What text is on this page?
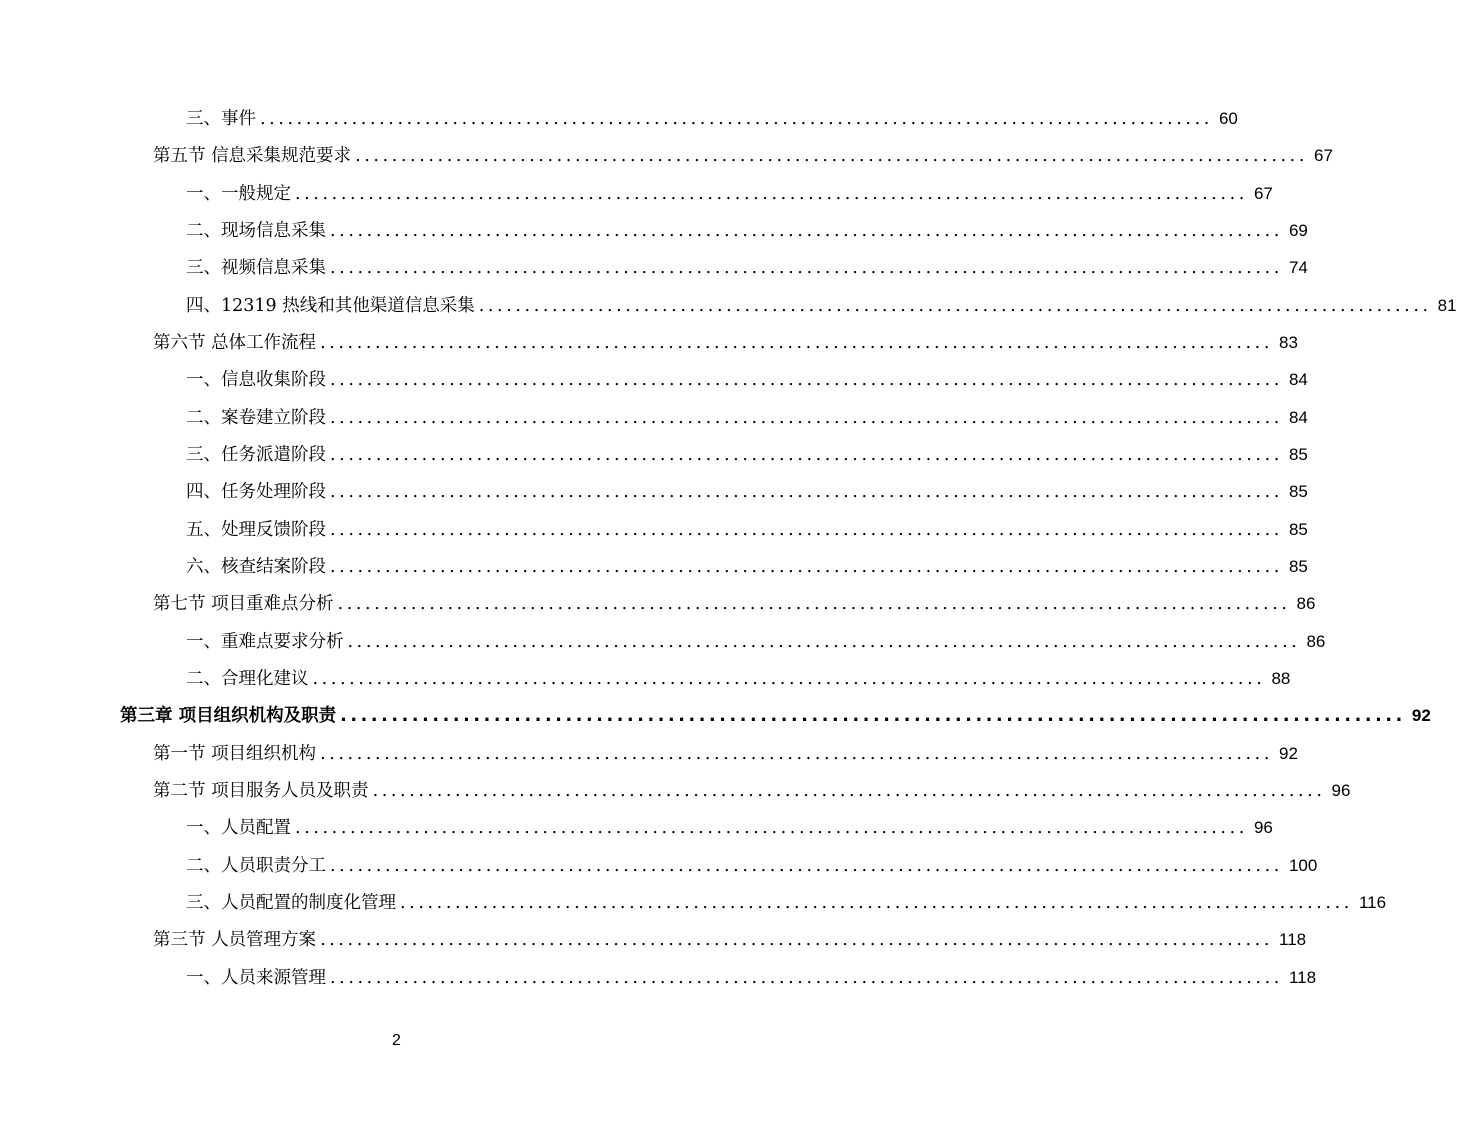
三、事件 ........................................................................................................ 60
第五节 信息采集规范要求 ........................................................................................................ 67
一、一般规定 ........................................................................................................ 67
二、现场信息采集 ........................................................................................................ 69
三、视频信息采集 ........................................................................................................ 74
四、12319 热线和其他渠道信息采集 ........................................................................................................ 81
第六节 总体工作流程 ........................................................................................................ 83
一、信息收集阶段 ........................................................................................................ 84
二、案卷建立阶段 ........................................................................................................ 84
三、任务派遣阶段 ........................................................................................................ 85
四、任务处理阶段 ........................................................................................................ 85
五、处理反馈阶段 ........................................................................................................ 85
六、核查结案阶段 ........................................................................................................ 85
第七节 项目重难点分析 ........................................................................................................ 86
一、重难点要求分析 ........................................................................................................ 86
二、合理化建议 ........................................................................................................ 88
第三章 项目组织机构及职责 ........................................................................................................ 92
第一节 项目组织机构 ........................................................................................................ 92
第二节 项目服务人员及职责 ........................................................................................................ 96
一、人员配置 ........................................................................................................ 96
二、人员职责分工 ........................................................................................................ 100
三、人员配置的制度化管理 ........................................................................................................ 116
第三节 人员管理方案 ........................................................................................................ 118
一、人员来源管理 ........................................................................................................ 118
2
